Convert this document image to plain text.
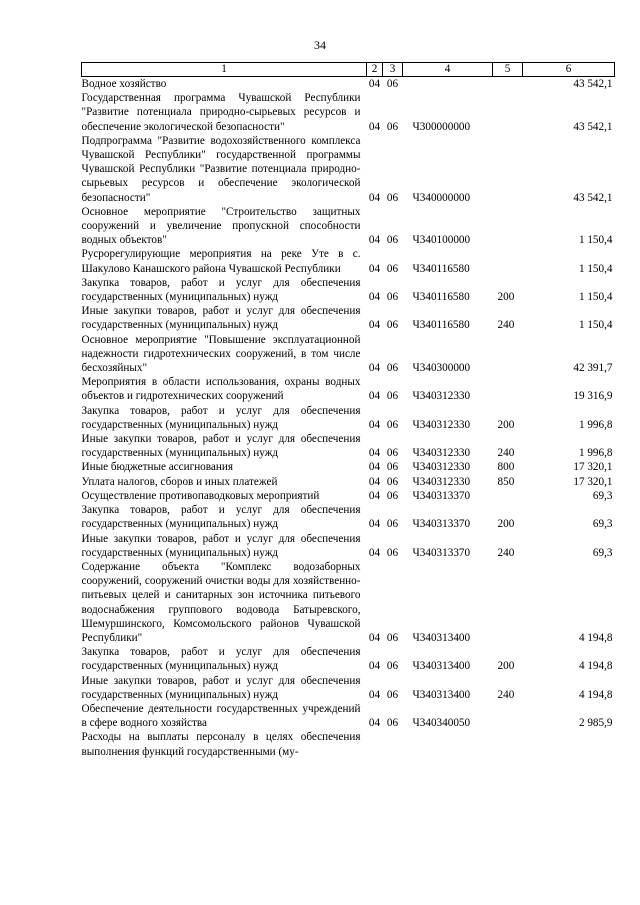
34
1	2	3	4	5	6
Водное хозяйство	04	06			43 542,1
Государственная программа Чувашской Республики "Развитие потенциала природно-сырьевых ресурсов и обеспечение экологической безопасности"	04	06	Ч300000000		43 542,1
Подпрограмма "Развитие водохозяйственного комплекса Чувашской Республики" государственной программы Чувашской Республики "Развитие потенциала природно-сырьевых ресурсов и обеспечение экологической безопасности"	04	06	Ч340000000		43 542,1
Основное мероприятие "Строительство защитных сооружений и увеличение пропускной способности водных объектов"	04	06	Ч340100000		1 150,4
Русрорегулирующие мероприятия на реке Уте в с. Шакулово Канашского района Чувашской Республики	04	06	Ч340116580		1 150,4
Закупка товаров, работ и услуг для обеспечения государственных (муниципальных) нужд	04	06	Ч340116580	200	1 150,4
Иные закупки товаров, работ и услуг для обеспечения государственных (муниципальных) нужд	04	06	Ч340116580	240	1 150,4
Основное мероприятие "Повышение эксплуатационной надежности гидротехнических сооружений, в том числе бесхозяйных"	04	06	Ч340300000		42 391,7
Мероприятия в области использования, охраны водных объектов и гидротехнических сооружений	04	06	Ч340312330		19 316,9
Закупка товаров, работ и услуг для обеспечения государственных (муниципальных) нужд	04	06	Ч340312330	200	1 996,8
Иные закупки товаров, работ и услуг для обеспечения государственных (муниципальных) нужд	04	06	Ч340312330	240	1 996,8
Иные бюджетные ассигнования	04	06	Ч340312330	800	17 320,1
Уплата налогов, сборов и иных платежей	04	06	Ч340312330	850	17 320,1
Осуществление противопаводковых мероприятий	04	06	Ч340313370		69,3
Закупка товаров, работ и услуг для обеспечения государственных (муниципальных) нужд	04	06	Ч340313370	200	69,3
Иные закупки товаров, работ и услуг для обеспечения государственных (муниципальных) нужд	04	06	Ч340313370	240	69,3
Содержание объекта "Комплекс водозаборных сооружений, сооружений очистки воды для хозяйственно-питьевых целей и санитарных зон источника питьевого водоснабжения группового водовода Батыревского, Шемуршинского, Комсомольского районов Чувашской Республики"	04	06	Ч340313400		4 194,8
Закупка товаров, работ и услуг для обеспечения государственных (муниципальных) нужд	04	06	Ч340313400	200	4 194,8
Иные закупки товаров, работ и услуг для обеспечения государственных (муниципальных) нужд	04	06	Ч340313400	240	4 194,8
Обеспечение деятельности государственных учреждений в сфере водного хозяйства	04	06	Ч340340050		2 985,9
Расходы на выплаты персоналу в целях обеспечения выполнения функций государственными (му-					
